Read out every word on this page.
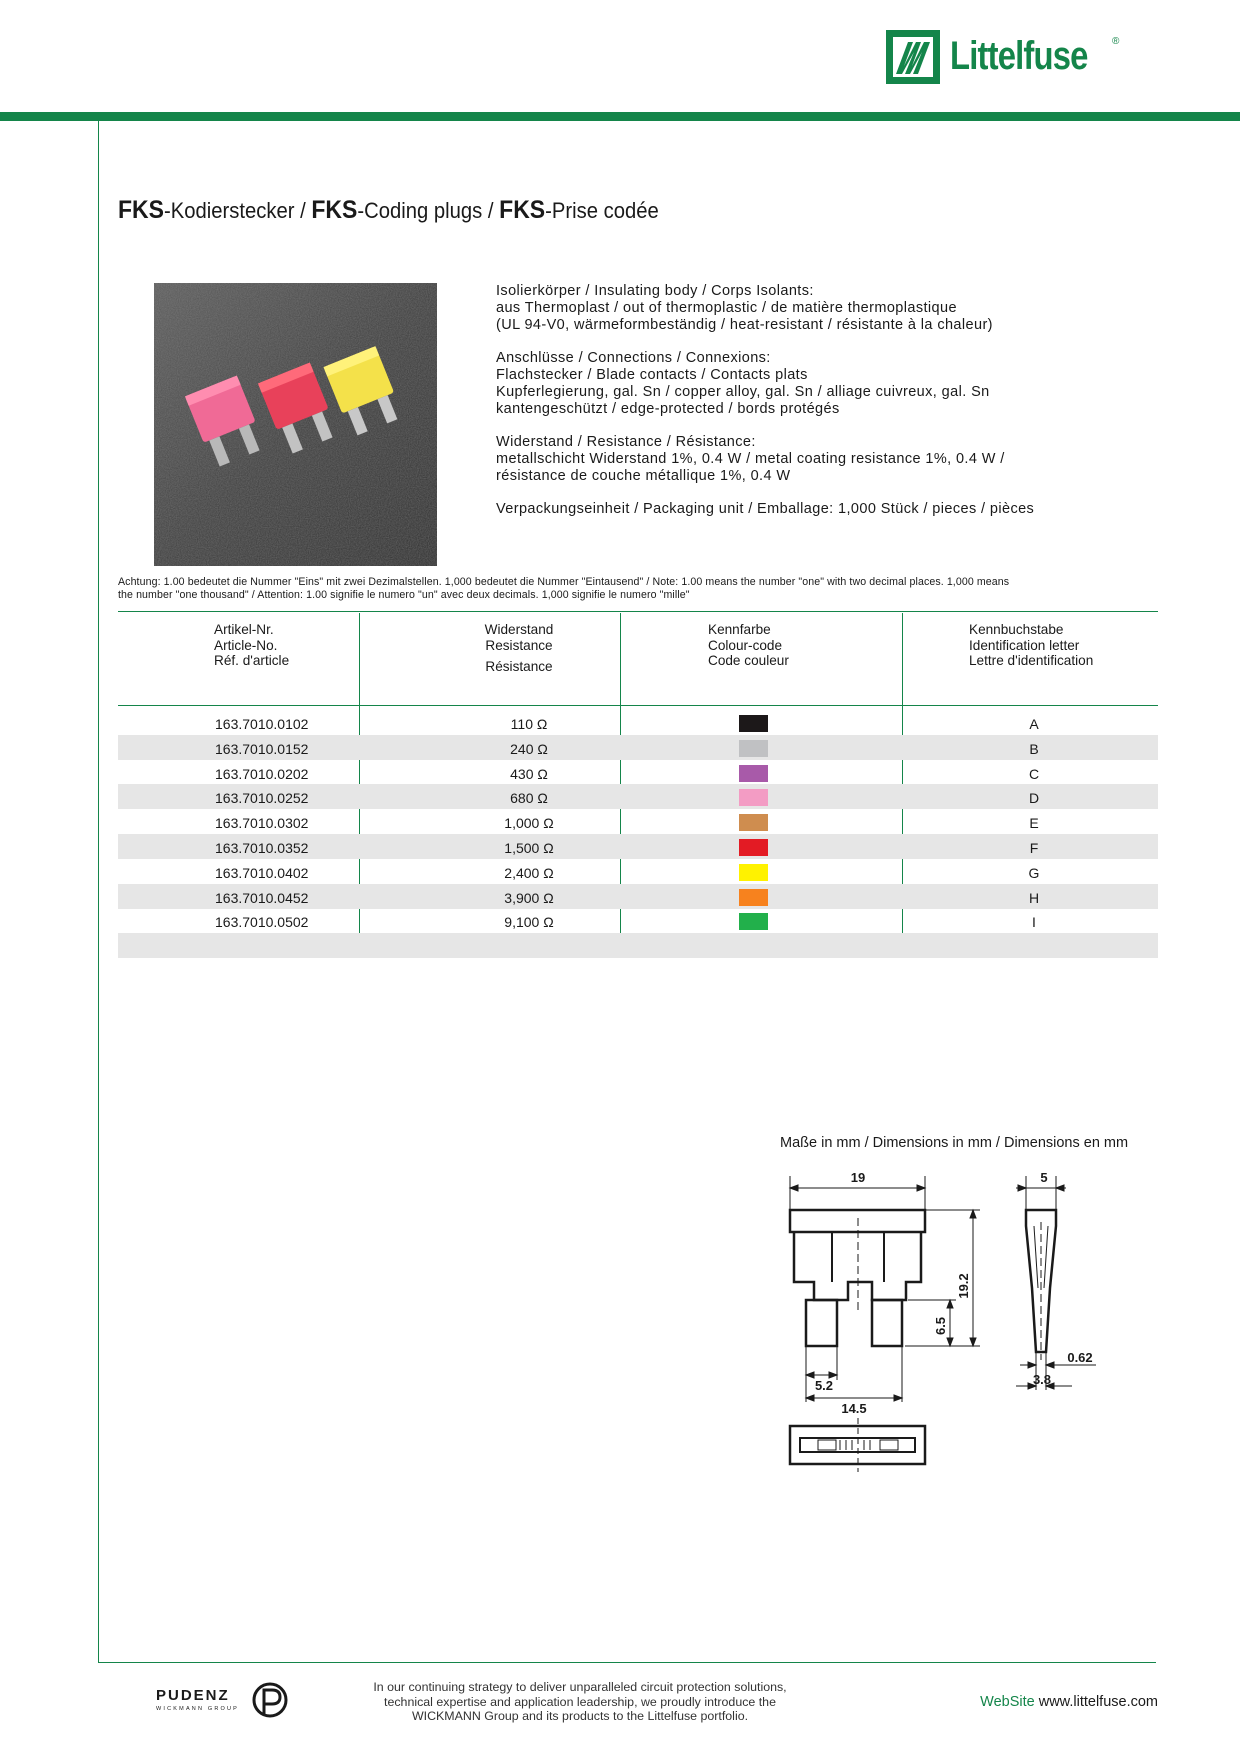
Littelfuse ®
FKS-Kodierstecker / FKS-Coding plugs / FKS-Prise codée
Isolierkörper / Insulating body / Corps Isolants:
aus Thermoplast / out of thermoplastic / de matière thermoplastique
(UL 94-V0, wärmeformbeständig / heat-resistant / résistante à la chaleur)
Anschlüsse / Connections / Connexions:
Flachstecker / Blade contacts / Contacts plats
Kupferlegierung, gal. Sn / copper alloy, gal. Sn / alliage cuivreux, gal. Sn
kantengeschützt / edge-protected / bords protégés
Widerstand / Resistance / Résistance:
metallschicht Widerstand 1%, 0.4 W / metal coating resistance 1%, 0.4 W /
résistance de couche métallique 1%, 0.4 W
Verpackungseinheit / Packaging unit / Emballage: 1,000 Stück / pieces / pièces
Achtung: 1.00 bedeutet die Nummer "Eins" mit zwei Dezimalstellen. 1,000 bedeutet die Nummer "Eintausend" / Note: 1.00 means the number "one" with two decimal places. 1,000 means
the number "one thousand" / Attention: 1.00 signifie le numero "un" avec deux decimals. 1,000 signifie le numero "mille"
Artikel-Nr.
Article-No.
Réf. d'article
Widerstand
Resistance
Résistance
Kennfarbe
Colour-code
Code couleur
Kennbuchstabe
Identification letter
Lettre d'identification
163.7010.0102	110 Ω	A
163.7010.0152	240 Ω	B
163.7010.0202	430 Ω	C
163.7010.0252	680 Ω	D
163.7010.0302	1,000 Ω	E
163.7010.0352	1,500 Ω	F
163.7010.0402	2,400 Ω	G
163.7010.0452	3,900 Ω	H
163.7010.0502	9,100 Ω	I
Maße in mm / Dimensions in mm / Dimensions en mm
19	5
19.2
6.5
5.2
14.5
0.62
3.8
PUDENZ
WICKMANN GROUP
In our continuing strategy to deliver unparalleled circuit protection solutions,
technical expertise and application leadership, we proudly introduce the
WICKMANN Group and its products to the Littelfuse portfolio.
WebSite www.littelfuse.com
